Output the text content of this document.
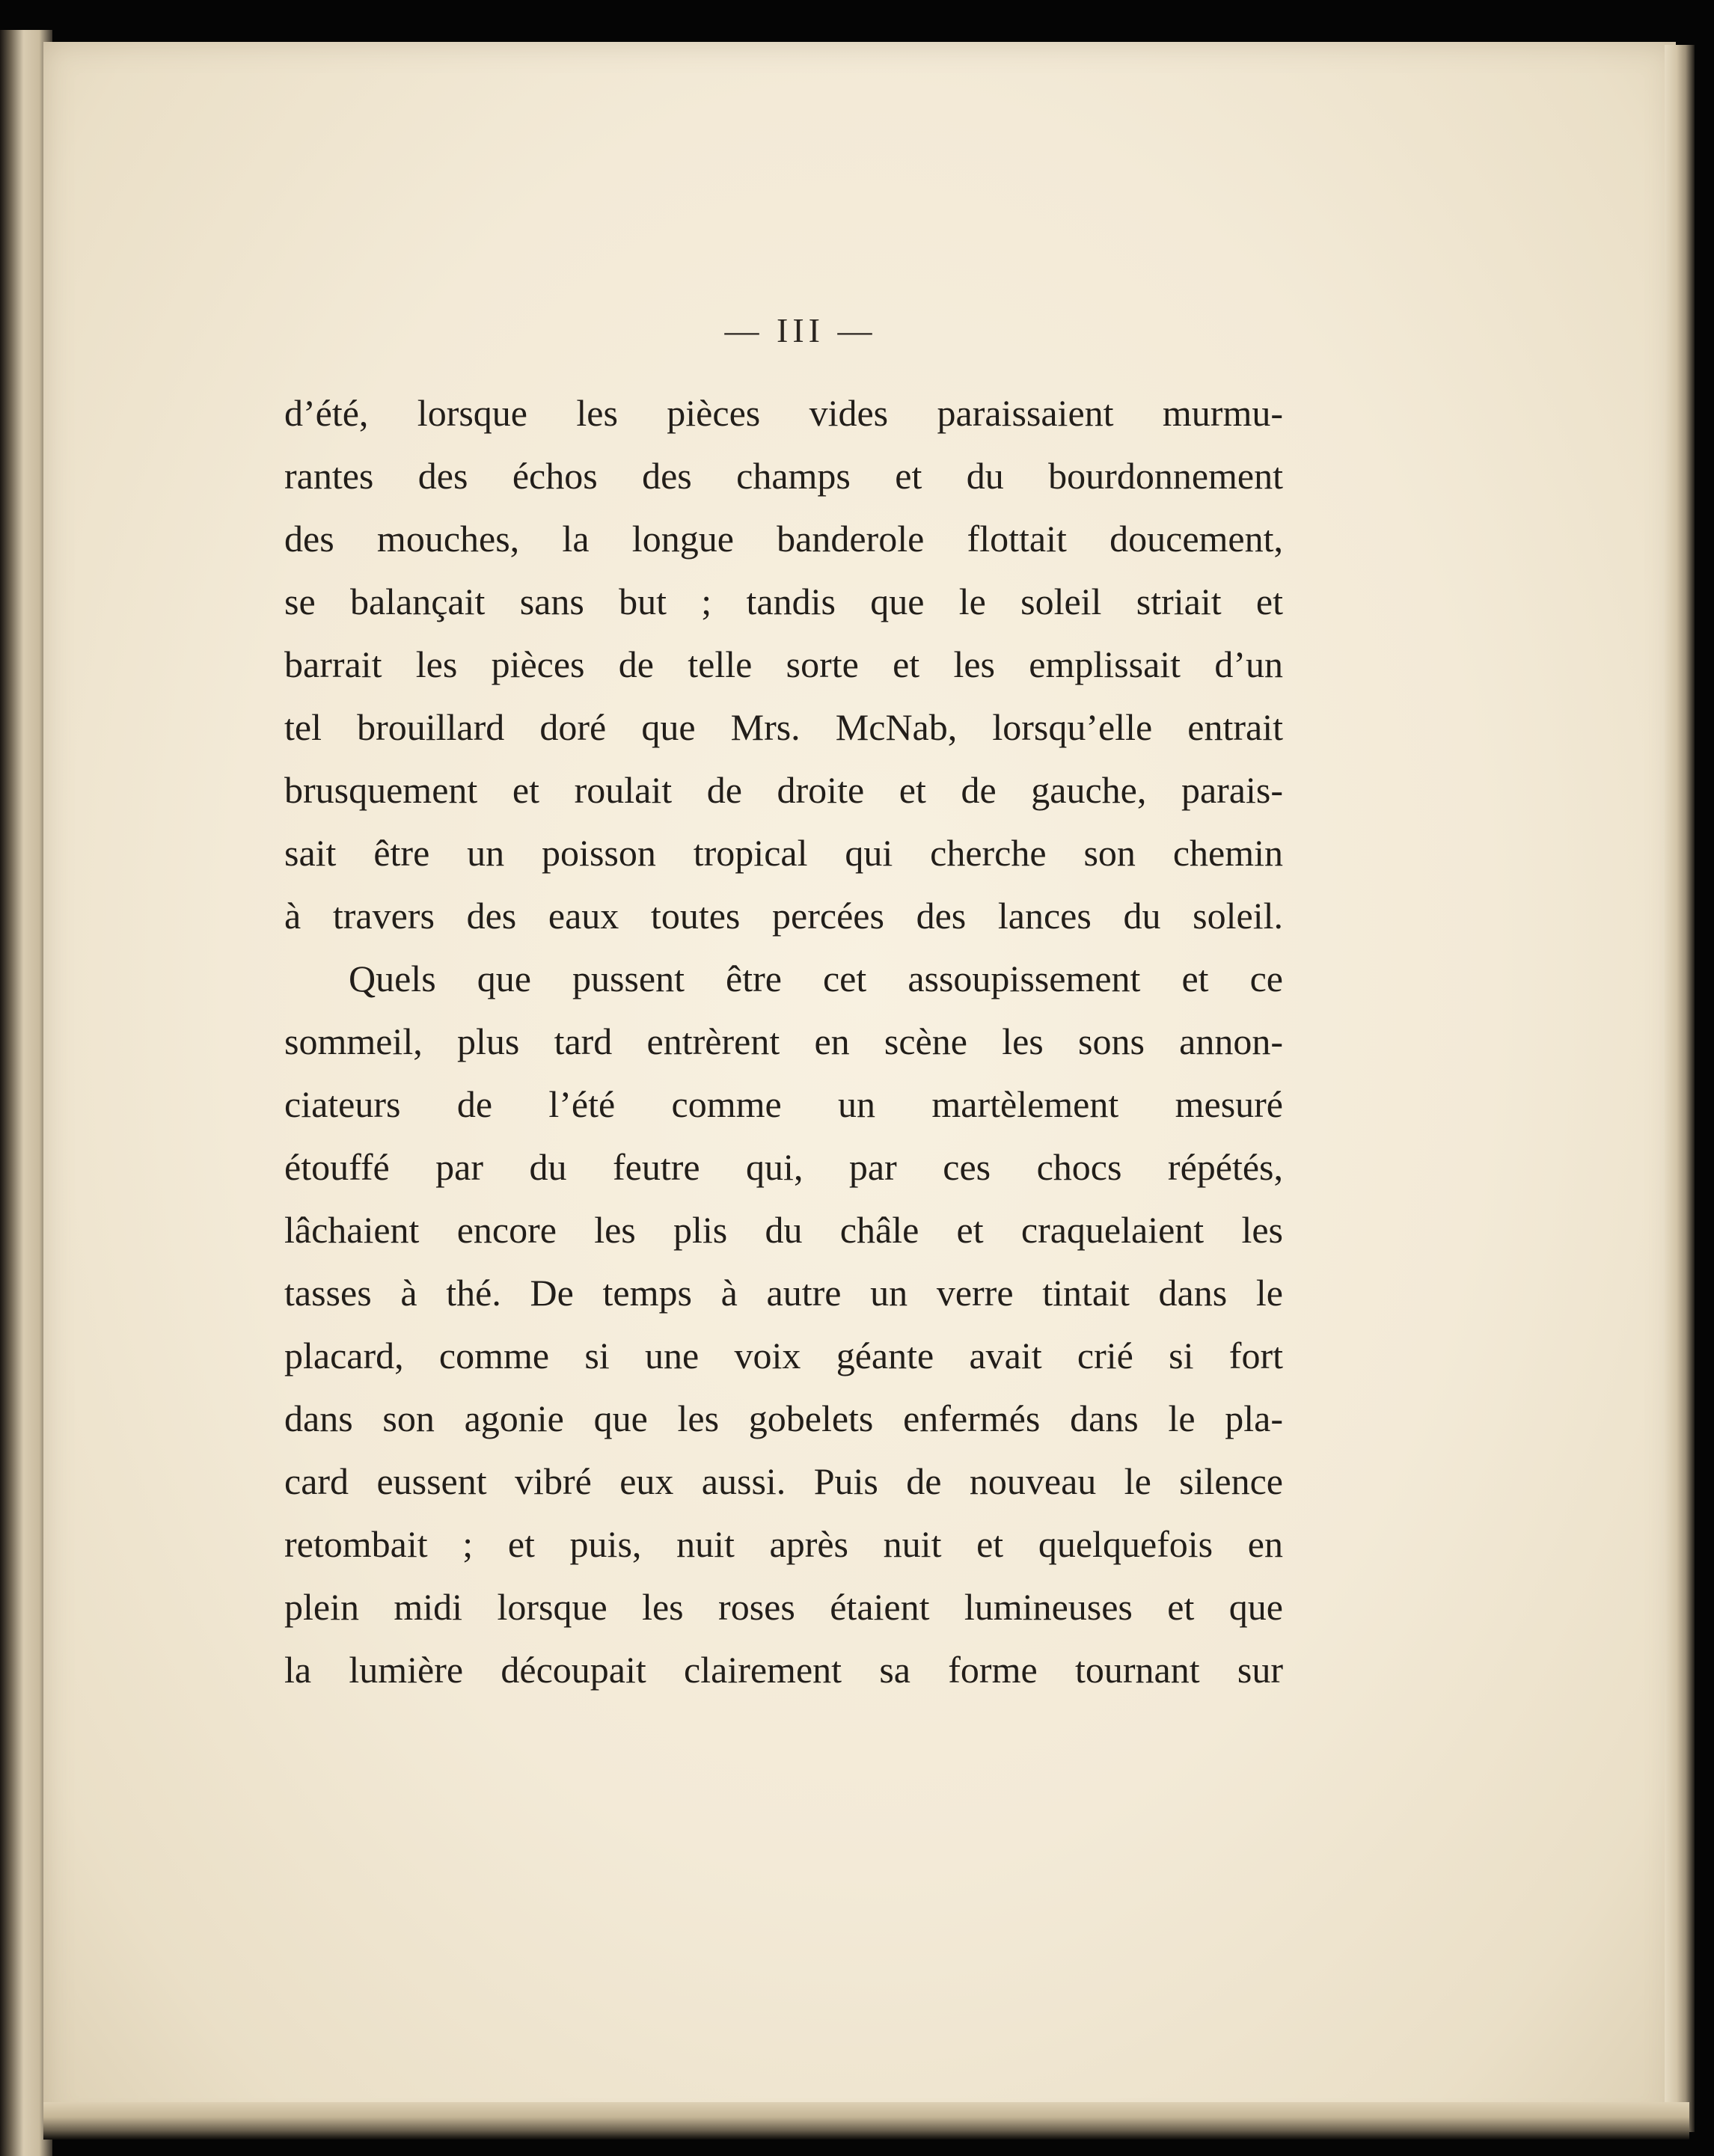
— III —
d’été, lorsque les pièces vides paraissaient murmu-
rantes des échos des champs et du bourdonnement
des mouches, la longue banderole flottait doucement,
se balançait sans but ; tandis que le soleil striait et
barrait les pièces de telle sorte et les emplissait d’un
tel brouillard doré que Mrs. McNab, lorsqu’elle entrait
brusquement et roulait de droite et de gauche, parais-
sait être un poisson tropical qui cherche son chemin
à travers des eaux toutes percées des lances du soleil.
Quels que pussent être cet assoupissement et ce
sommeil, plus tard entrèrent en scène les sons annon-
ciateurs de l’été comme un martèlement mesuré
étouffé par du feutre qui, par ces chocs répétés,
lâchaient encore les plis du châle et craquelaient les
tasses à thé. De temps à autre un verre tintait dans le
placard, comme si une voix géante avait crié si fort
dans son agonie que les gobelets enfermés dans le pla-
card eussent vibré eux aussi. Puis de nouveau le silence
retombait ; et puis, nuit après nuit et quelquefois en
plein midi lorsque les roses étaient lumineuses et que
la lumière découpait clairement sa forme tournant sur
